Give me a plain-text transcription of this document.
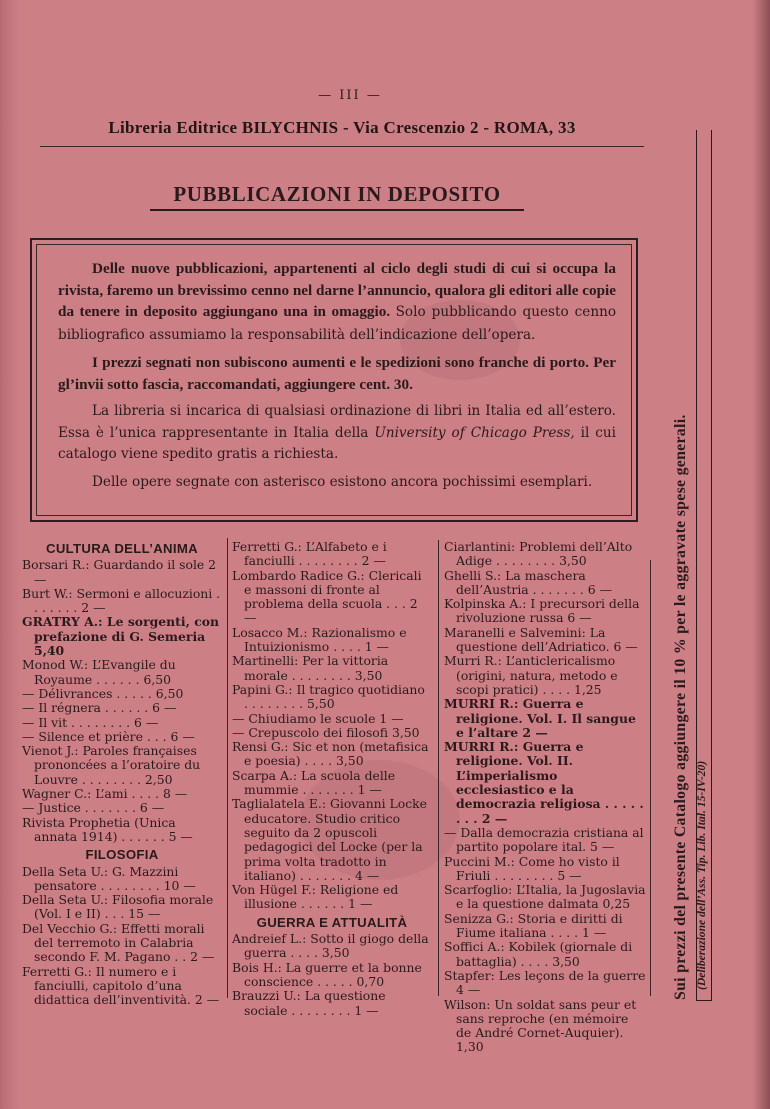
— III —
Libreria Editrice BILYCHNIS - Via Crescenzio 2 - ROMA, 33
PUBBLICAZIONI IN DEPOSITO

Delle nuove pubblicazioni, appartenenti al ciclo degli studi di cui si occupa la rivista, faremo un brevissimo cenno nel darne l’annuncio, qualora gli editori alle copie da tenere in deposito aggiungano una in omaggio. Solo pubblicando questo cenno bibliografico assumiamo la responsabilità dell’indicazione dell’opera.

I prezzi segnati non subiscono aumenti e le spedizioni sono franche di porto. Per gl’invii sotto fascia, raccomandati, aggiungere cent. 30.

La libreria si incarica di qualsiasi ordinazione di libri in Italia ed all’estero. Essa è l’unica rappresentante in Italia della University of Chicago Press, il cui catalogo viene spedito gratis a richiesta.

Delle opere segnate con asterisco esistono ancora pochissimi esemplari.

CULTURA DELL’ANIMA

Borsari R.: Guardando il sole 2 —

Burt W.: Sermoni e allocuzioni . . . . . . . 2 —

GRATRY A.: Le sorgenti, con prefazione di G. Semeria 5,40

Monod W.: L’Evangile du Royaume . . . . . . 6,50

— Délivrances . . . . . 6,50

— Il régnera . . . . . . 6 —

— Il vit . . . . . . . . 6 —

— Silence et prière . . . 6 —

Vienot J.: Paroles françaises prononcées a l’oratoire du Louvre . . . . . . . . 2,50

Wagner C.: L’ami . . . . 8 —

— Justice . . . . . . . 6 —

Rivista Prophetia (Unica annata 1914) . . . . . . 5 —

FILOSOFIA

Della Seta U.: G. Mazzini pensatore . . . . . . . . 10 —

Della Seta U.: Filosofia morale (Vol. I e II) . . . 15 —

Del Vecchio G.: Effetti morali del terremoto in Calabria secondo F. M. Pagano . . 2 —

Ferretti G.: Il numero e i fanciulli, capitolo d’una didattica dell’inventività. 2 —

Ferretti G.: L’Alfabeto e i fanciulli . . . . . . . . 2 —

Lombardo Radice G.: Clericali e massoni di fronte al problema della scuola . . . 2 —

Losacco M.: Razionalismo e Intuizionismo . . . . 1 —

Martinelli: Per la vittoria morale . . . . . . . . 3,50

Papini G.: Il tragico quotidiano . . . . . . . . 5,50

— Chiudiamo le scuole 1 —

— Crepuscolo dei filosofi 3,50

Rensi G.: Sic et non (metafisica e poesia) . . . . 3,50

Scarpa A.: La scuola delle mummie . . . . . . . 1 —

Taglialatela E.: Giovanni Locke educatore. Studio critico seguito da 2 opuscoli pedagogici del Locke (per la prima volta tradotto in italiano) . . . . . . . 4 —

Von Hügel F.: Religione ed illusione . . . . . . 1 —

GUERRA E ATTUALITÀ

Andreief L.: Sotto il giogo della guerra . . . . 3,50

Bois H.: La guerre et la bonne conscience . . . . . 0,70

Brauzzi U.: La questione sociale . . . . . . . . 1 —

Ciarlantini: Problemi dell’Alto Adige . . . . . . . . 3,50

Ghelli S.: La maschera dell’Austria . . . . . . . 6 —

Kolpinska A.: I precursori della rivoluzione russa 6 —

Maranelli e Salvemini: La questione dell’Adriatico. 6 —

Murri R.: L’anticlericalismo (origini, natura, metodo e scopi pratici) . . . . 1,25

MURRI R.: Guerra e religione. Vol. I. Il sangue e l’altare 2 —

MURRI R.: Guerra e religione. Vol. II. L’imperialismo ecclesiastico e la democrazia religiosa . . . . . . . . 2 —

— Dalla democrazia cristiana al partito popolare ital. 5 —

Puccini M.: Come ho visto il Friuli . . . . . . . . 5 —

Scarfoglio: L’Italia, la Jugoslavia e la questione dalmata 0,25

Senizza G.: Storia e diritti di Fiume italiana . . . . 1 —

Soffici A.: Kobilek (giornale di battaglia) . . . . 3,50

Stapfer: Les leçons de la guerre 4 —

Wilson: Un soldat sans peur et sans reproche (en mémoire de André Cornet-Auquier). 1,30

Sui prezzi del presente Catalogo aggiungere il 10 % per le aggravate spese generali. (Deliberazione dell’Ass. Tip. Lib. Ital. 15-IV-20)
